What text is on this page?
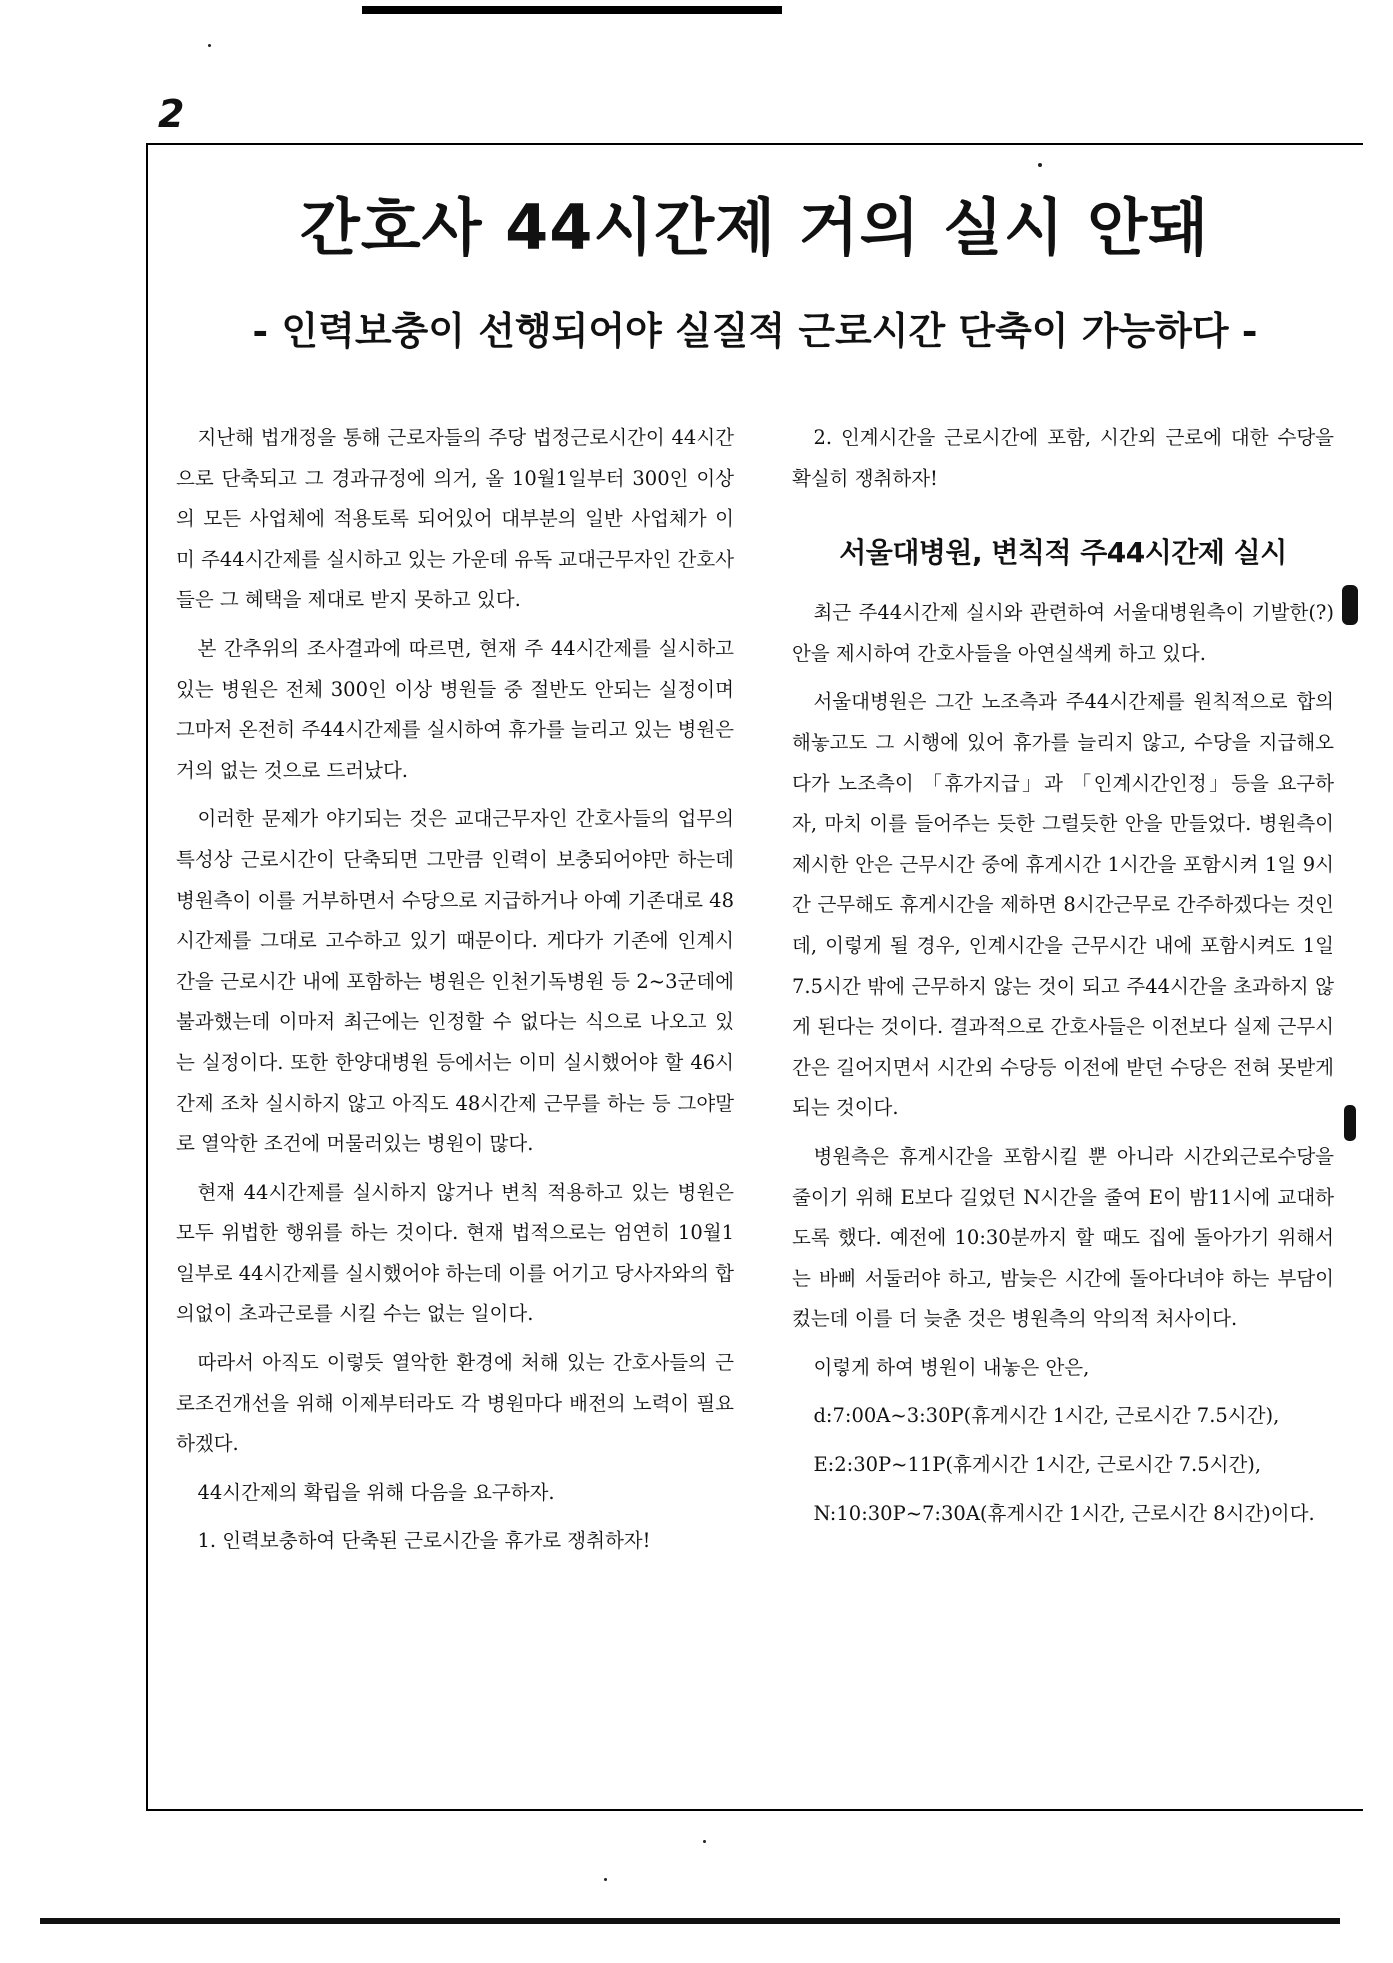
2
간호사 44시간제 거의 실시 안돼
- 인력보충이 선행되어야 실질적 근로시간 단축이 가능하다 -

지난해 법개정을 통해 근로자들의 주당 법정근로시간이 44시간으로 단축되고 그 경과규정에 의거, 올 10월1일부터 300인 이상의 모든 사업체에 적용토록 되어있어 대부분의 일반 사업체가 이미 주44시간제를 실시하고 있는 가운데 유독 교대근무자인 간호사들은 그 혜택을 제대로 받지 못하고 있다.

본 간추위의 조사결과에 따르면, 현재 주 44시간제를 실시하고 있는 병원은 전체 300인 이상 병원들 중 절반도 안되는 실정이며 그마저 온전히 주44시간제를 실시하여 휴가를 늘리고 있는 병원은 거의 없는 것으로 드러났다.

이러한 문제가 야기되는 것은 교대근무자인 간호사들의 업무의 특성상 근로시간이 단축되면 그만큼 인력이 보충되어야만 하는데 병원측이 이를 거부하면서 수당으로 지급하거나 아예 기존대로 48시간제를 그대로 고수하고 있기 때문이다. 게다가 기존에 인계시간을 근로시간 내에 포함하는 병원은 인천기독병원 등 2~3군데에 불과했는데 이마저 최근에는 인정할 수 없다는 식으로 나오고 있는 실정이다. 또한 한양대병원 등에서는 이미 실시했어야 할 46시간제 조차 실시하지 않고 아직도 48시간제 근무를 하는 등 그야말로 열악한 조건에 머물러있는 병원이 많다.

현재 44시간제를 실시하지 않거나 변칙 적용하고 있는 병원은 모두 위법한 행위를 하는 것이다. 현재 법적으로는 엄연히 10월1일부로 44시간제를 실시했어야 하는데 이를 어기고 당사자와의 합의없이 초과근로를 시킬 수는 없는 일이다.

따라서 아직도 이렇듯 열악한 환경에 처해 있는 간호사들의 근로조건개선을 위해 이제부터라도 각 병원마다 배전의 노력이 필요하겠다.

44시간제의 확립을 위해 다음을 요구하자.

1. 인력보충하여 단축된 근로시간을 휴가로 쟁취하자!

2. 인계시간을 근로시간에 포함, 시간외 근로에 대한 수당을 확실히 쟁취하자!

서울대병원, 변칙적 주44시간제 실시

최근 주44시간제 실시와 관련하여 서울대병원측이 기발한(?) 안을 제시하여 간호사들을 아연실색케 하고 있다.

서울대병원은 그간 노조측과 주44시간제를 원칙적으로 합의해놓고도 그 시행에 있어 휴가를 늘리지 않고, 수당을 지급해오다가 노조측이 「휴가지급」과 「인계시간인정」등을 요구하자, 마치 이를 들어주는 듯한 그럴듯한 안을 만들었다. 병원측이 제시한 안은 근무시간 중에 휴게시간 1시간을 포함시켜 1일 9시간 근무해도 휴게시간을 제하면 8시간근무로 간주하겠다는 것인데, 이렇게 될 경우, 인계시간을 근무시간 내에 포함시켜도 1일 7.5시간 밖에 근무하지 않는 것이 되고 주44시간을 초과하지 않게 된다는 것이다. 결과적으로 간호사들은 이전보다 실제 근무시간은 길어지면서 시간외 수당등 이전에 받던 수당은 전혀 못받게 되는 것이다.

병원측은 휴게시간을 포함시킬 뿐 아니라 시간외근로수당을 줄이기 위해 E보다 길었던 N시간을 줄여 E이 밤11시에 교대하도록 했다. 예전에 10:30분까지 할 때도 집에 돌아가기 위해서는 바삐 서둘러야 하고, 밤늦은 시간에 돌아다녀야 하는 부담이 컸는데 이를 더 늦춘 것은 병원측의 악의적 처사이다.

이렇게 하여 병원이 내놓은 안은,

d:7:00A~3:30P(휴게시간 1시간, 근로시간 7.5시간),

E:2:30P~11P(휴게시간 1시간, 근로시간 7.5시간),

N:10:30P~7:30A(휴게시간 1시간, 근로시간 8시간)이다.
